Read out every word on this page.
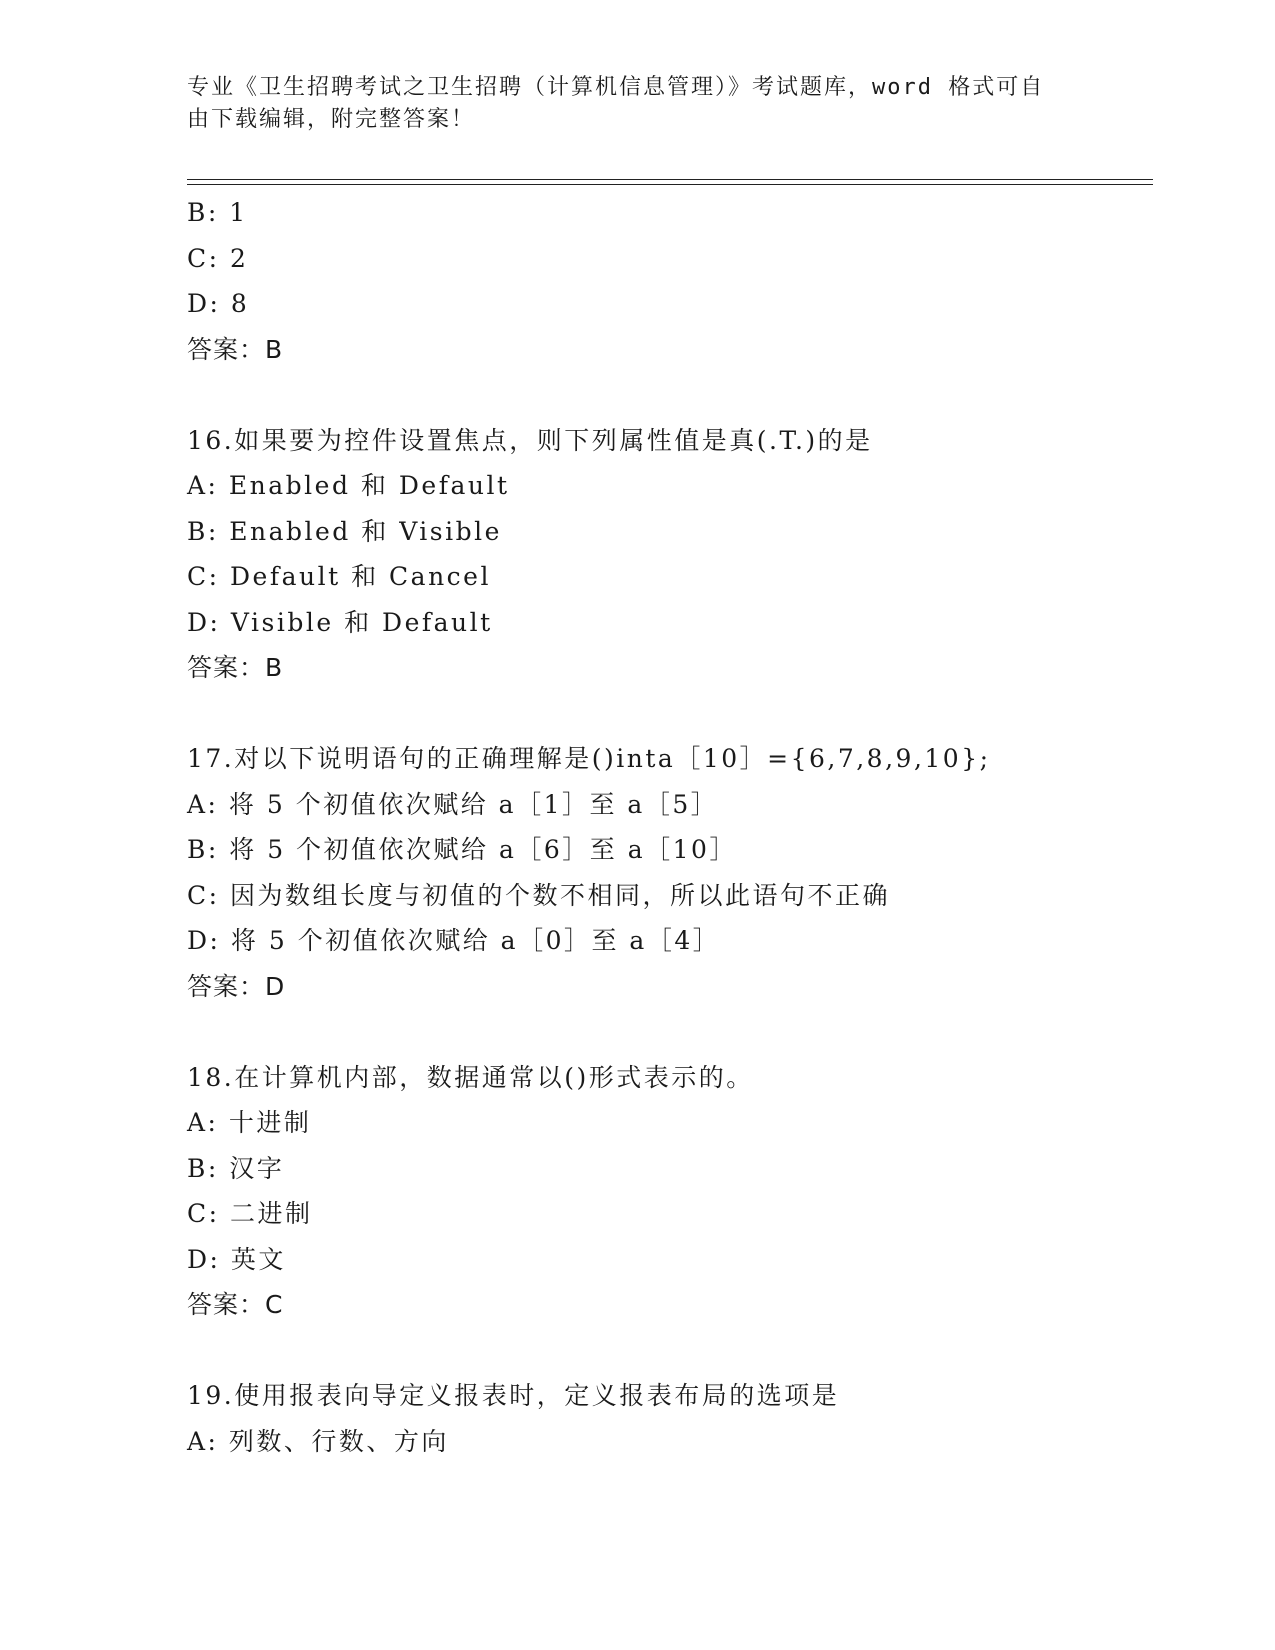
专业《卫生招聘考试之卫生招聘（计算机信息管理）》考试题库，word 格式可自
由下载编辑，附完整答案！
B: 1
C: 2
D: 8
答案：B
16.如果要为控件设置焦点，则下列属性值是真(.T.)的是
A: Enabled 和 Default
B: Enabled 和 Visible
C: Default 和 Cancel
D: Visible 和 Default
答案：B
17.对以下说明语句的正确理解是()inta［10］={6,7,8,9,10};
A: 将 5 个初值依次赋给 a［1］至 a［5］
B: 将 5 个初值依次赋给 a［6］至 a［10］
C: 因为数组长度与初值的个数不相同，所以此语句不正确
D: 将 5 个初值依次赋给 a［0］至 a［4］
答案：D
18.在计算机内部，数据通常以()形式表示的。
A: 十进制
B: 汉字
C: 二进制
D: 英文
答案：C
19.使用报表向导定义报表时，定义报表布局的选项是
A: 列数、行数、方向
